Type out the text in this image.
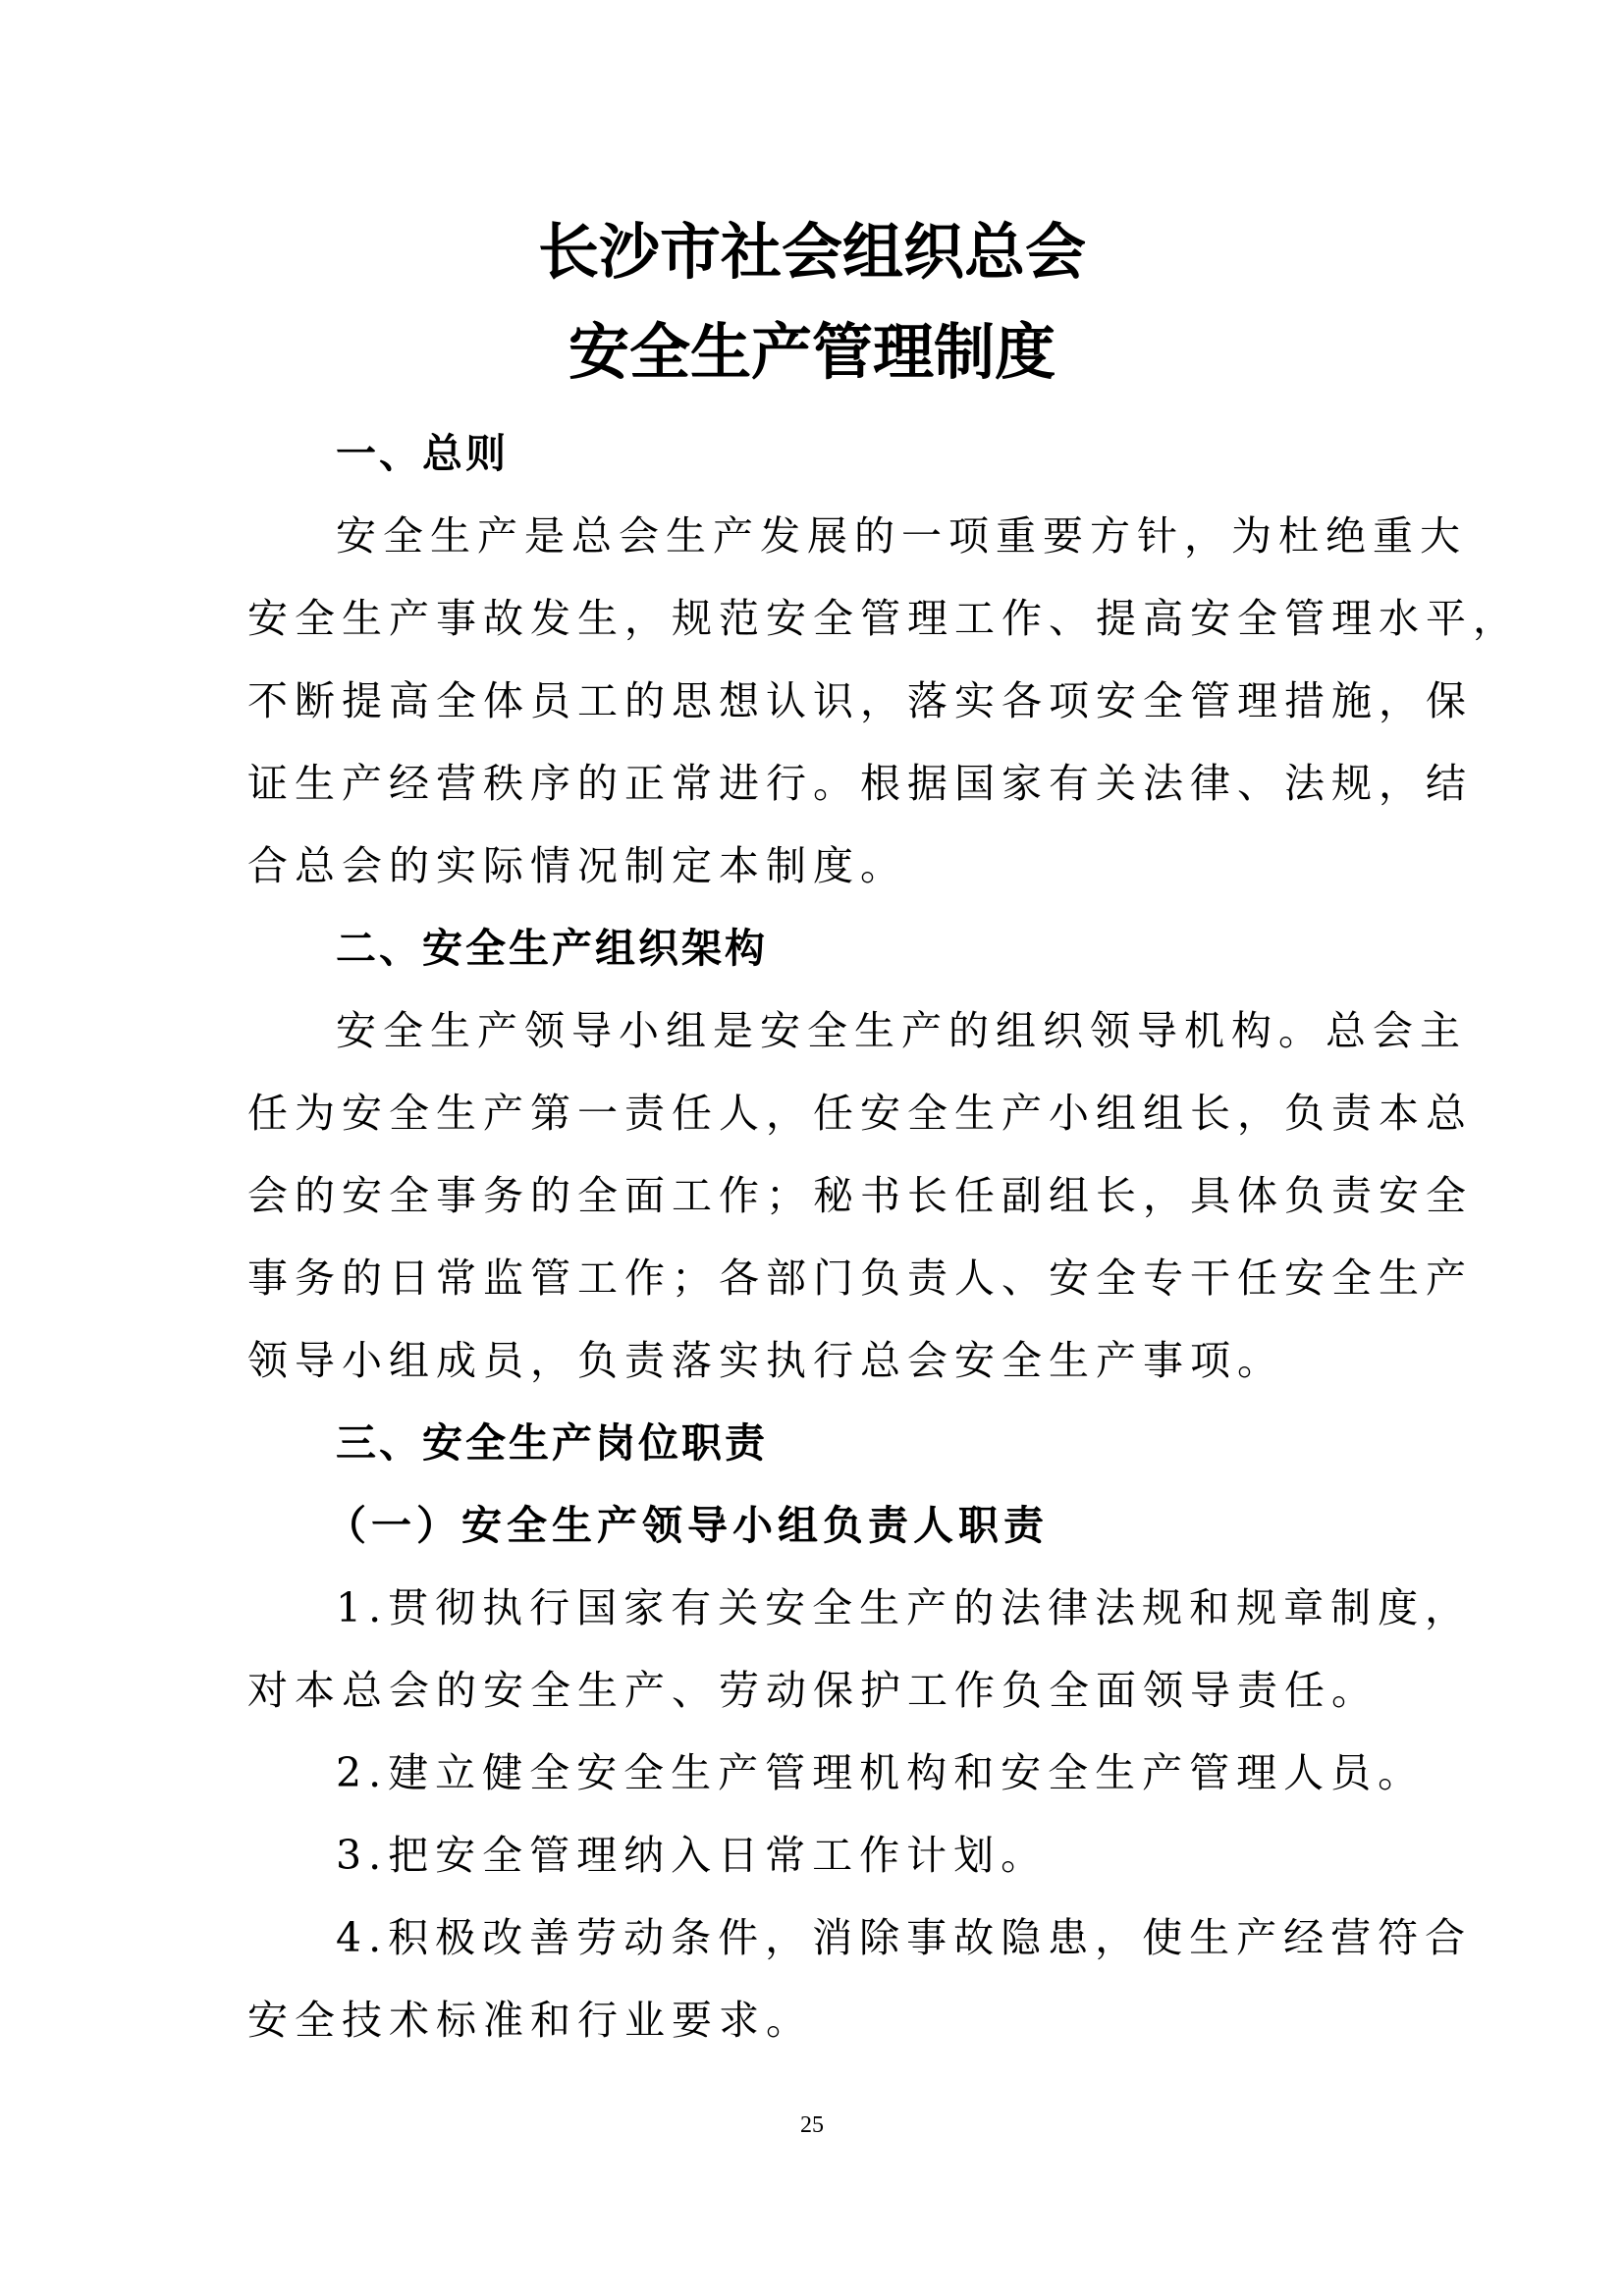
长沙市社会组织总会
安全生产管理制度
一、总则
安全生产是总会生产发展的一项重要方针，为杜绝重大
安全生产事故发生，规范安全管理工作、提高安全管理水平，
不断提高全体员工的思想认识，落实各项安全管理措施，保
证生产经营秩序的正常进行。根据国家有关法律、法规，结
合总会的实际情况制定本制度。
二、安全生产组织架构
安全生产领导小组是安全生产的组织领导机构。总会主
任为安全生产第一责任人，任安全生产小组组长，负责本总
会的安全事务的全面工作；秘书长任副组长，具体负责安全
事务的日常监管工作；各部门负责人、安全专干任安全生产
领导小组成员，负责落实执行总会安全生产事项。
三、安全生产岗位职责
（一）安全生产领导小组负责人职责
1.贯彻执行国家有关安全生产的法律法规和规章制度，
对本总会的安全生产、劳动保护工作负全面领导责任。
2.建立健全安全生产管理机构和安全生产管理人员。
3.把安全管理纳入日常工作计划。
4.积极改善劳动条件，消除事故隐患，使生产经营符合
安全技术标准和行业要求。
25
